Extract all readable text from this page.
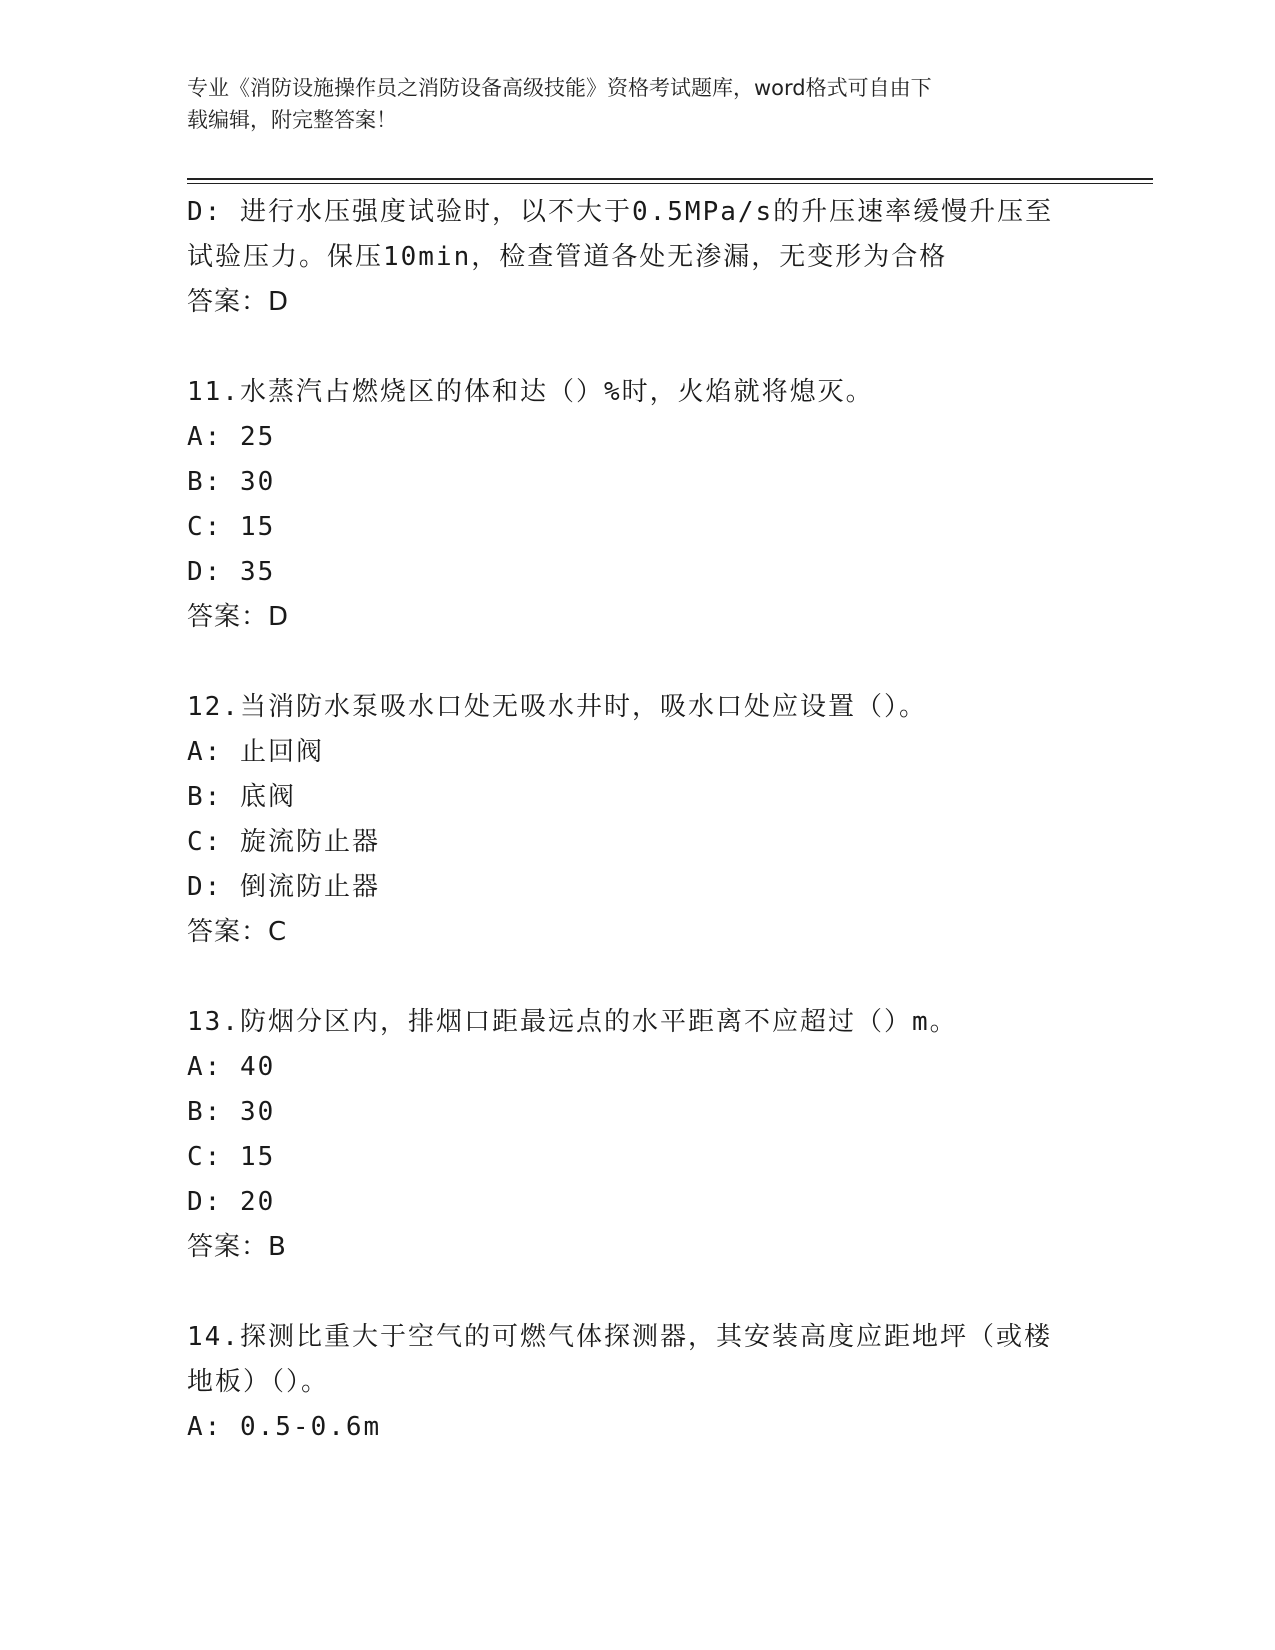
专业《消防设施操作员之消防设备高级技能》资格考试题库，word格式可自由下
载编辑，附完整答案！
D: 进行水压强度试验时，以不大于0.5MPa/s的升压速率缓慢升压至
试验压力。保压10min，检查管道各处无渗漏，无变形为合格
答案：D
11.水蒸汽占燃烧区的体和达（）%时，火焰就将熄灭。
A: 25
B: 30
C: 15
D: 35
答案：D
12.当消防水泵吸水口处无吸水井时，吸水口处应设置（）。
A: 止回阀
B: 底阀
C: 旋流防止器
D: 倒流防止器
答案：C
13.防烟分区内，排烟口距最远点的水平距离不应超过（）m。
A: 40
B: 30
C: 15
D: 20
答案：B
14.探测比重大于空气的可燃气体探测器，其安装高度应距地坪（或楼
地板）（）。
A: 0.5-0.6m
